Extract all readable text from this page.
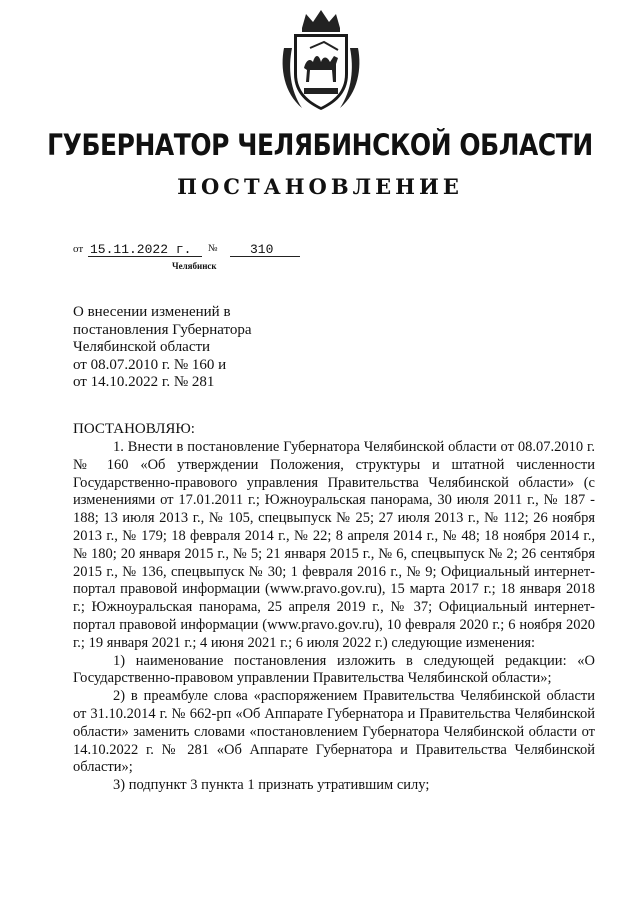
ГУБЕРНАТОР ЧЕЛЯБИНСКОЙ ОБЛАСТИ
ПОСТАНОВЛЕНИЕ
от 15.11.2022 г.	№	310
Челябинск
О внесении изменений в
постановления Губернатора
Челябинской области
от 08.07.2010 г. № 160 и
от 14.10.2022 г. № 281
ПОСТАНОВЛЯЮ:

1. Внести в постановление Губернатора Челябинской области от 08.07.2010 г. № 160 «Об утверждении Положения, структуры и штатной численности Государственно-правового управления Правительства Челябинской области» (с изменениями от 17.01.2011 г.; Южноуральская панорама, 30 июля 2011 г., № 187 - 188; 13 июля 2013 г., № 105, спецвыпуск № 25; 27 июля 2013 г., № 112; 26 ноября 2013 г., № 179; 18 февраля 2014 г., № 22; 8 апреля 2014 г., № 48; 18 ноября 2014 г., № 180; 20 января 2015 г., № 5; 21 января 2015 г., № 6, спецвыпуск № 2; 26 сентября 2015 г., № 136, спецвыпуск № 30; 1 февраля 2016 г., № 9; Официальный интернет-портал правовой информации (www.pravo.gov.ru), 15 марта 2017 г.; 18 января 2018 г.; Южноуральская панорама, 25 апреля 2019 г., № 37; Официальный интернет-портал правовой информации (www.pravo.gov.ru), 10 февраля 2020 г.; 6 ноября 2020 г.; 19 января 2021 г.; 4 июня 2021 г.; 6 июля 2022 г.) следующие изменения:

1) наименование постановления изложить в следующей редакции: «О Государственно-правовом управлении Правительства Челябинской области»;

2) в преамбуле слова «распоряжением Правительства Челябинской области от 31.10.2014 г. № 662-рп «Об Аппарате Губернатора и Правительства Челябинской области» заменить словами «постановлением Губернатора Челябинской области от 14.10.2022 г. № 281 «Об Аппарате Губернатора и Правительства Челябинской области»;

3) подпункт 3 пункта 1 признать утратившим силу;
